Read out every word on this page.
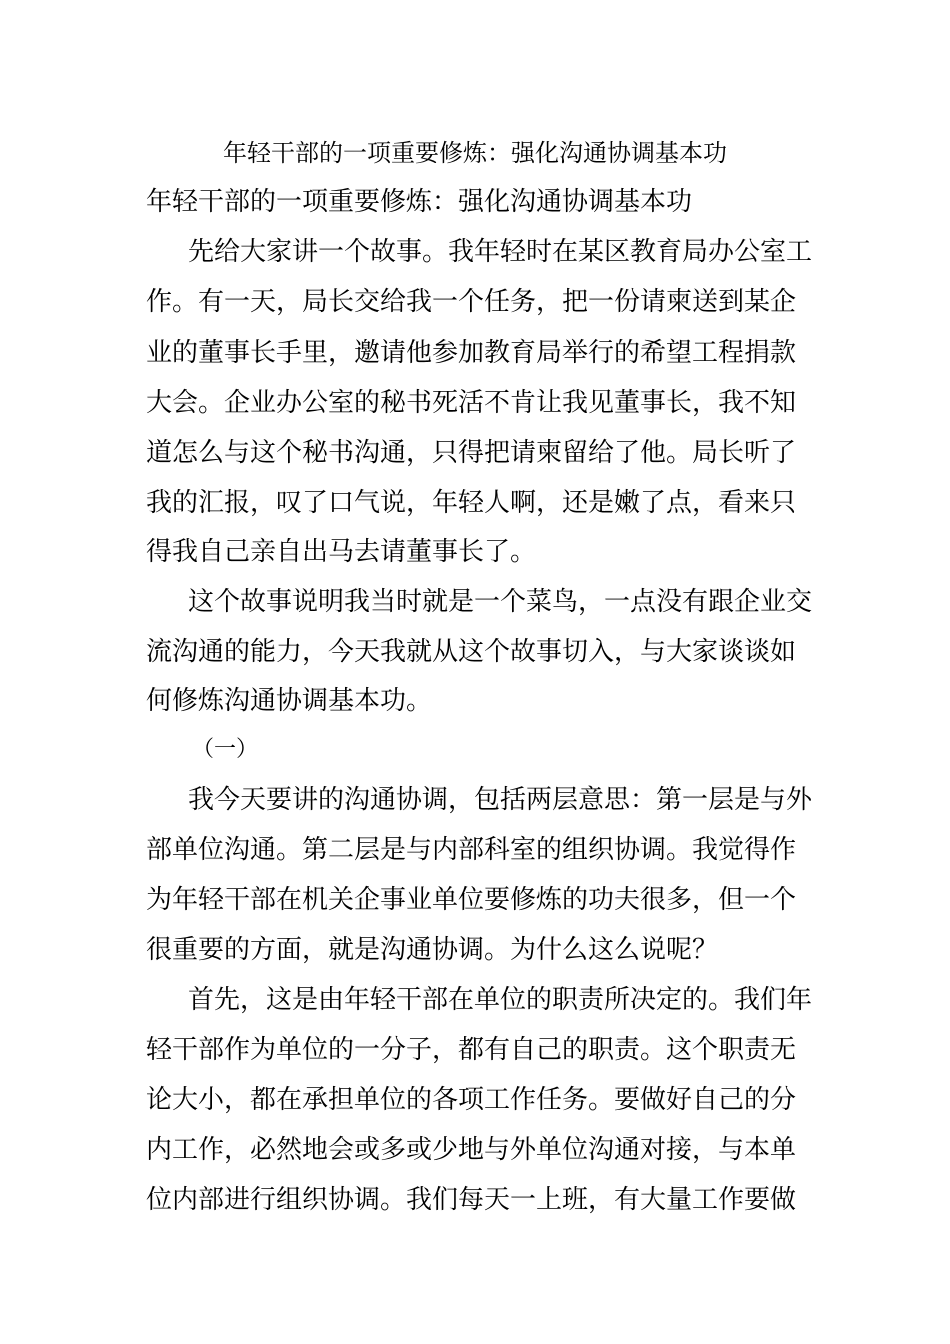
年轻干部的一项重要修炼：强化沟通协调基本功
年轻干部的一项重要修炼：强化沟通协调基本功
先给大家讲一个故事。我年轻时在某区教育局办公室工
作。有一天，局长交给我一个任务，把一份请柬送到某企
业的董事长手里，邀请他参加教育局举行的希望工程捐款
大会。企业办公室的秘书死活不肯让我见董事长，我不知
道怎么与这个秘书沟通，只得把请柬留给了他。局长听了
我的汇报，叹了口气说，年轻人啊，还是嫩了点，看来只
得我自己亲自出马去请董事长了。
这个故事说明我当时就是一个菜鸟，一点没有跟企业交
流沟通的能力，今天我就从这个故事切入，与大家谈谈如
何修炼沟通协调基本功。
（一）
我今天要讲的沟通协调，包括两层意思：第一层是与外
部单位沟通。第二层是与内部科室的组织协调。我觉得作
为年轻干部在机关企事业单位要修炼的功夫很多，但一个
很重要的方面，就是沟通协调。为什么这么说呢？
首先，这是由年轻干部在单位的职责所决定的。我们年
轻干部作为单位的一分子，都有自己的职责。这个职责无
论大小，都在承担单位的各项工作任务。要做好自己的分
内工作，必然地会或多或少地与外单位沟通对接，与本单
位内部进行组织协调。我们每天一上班，有大量工作要做
